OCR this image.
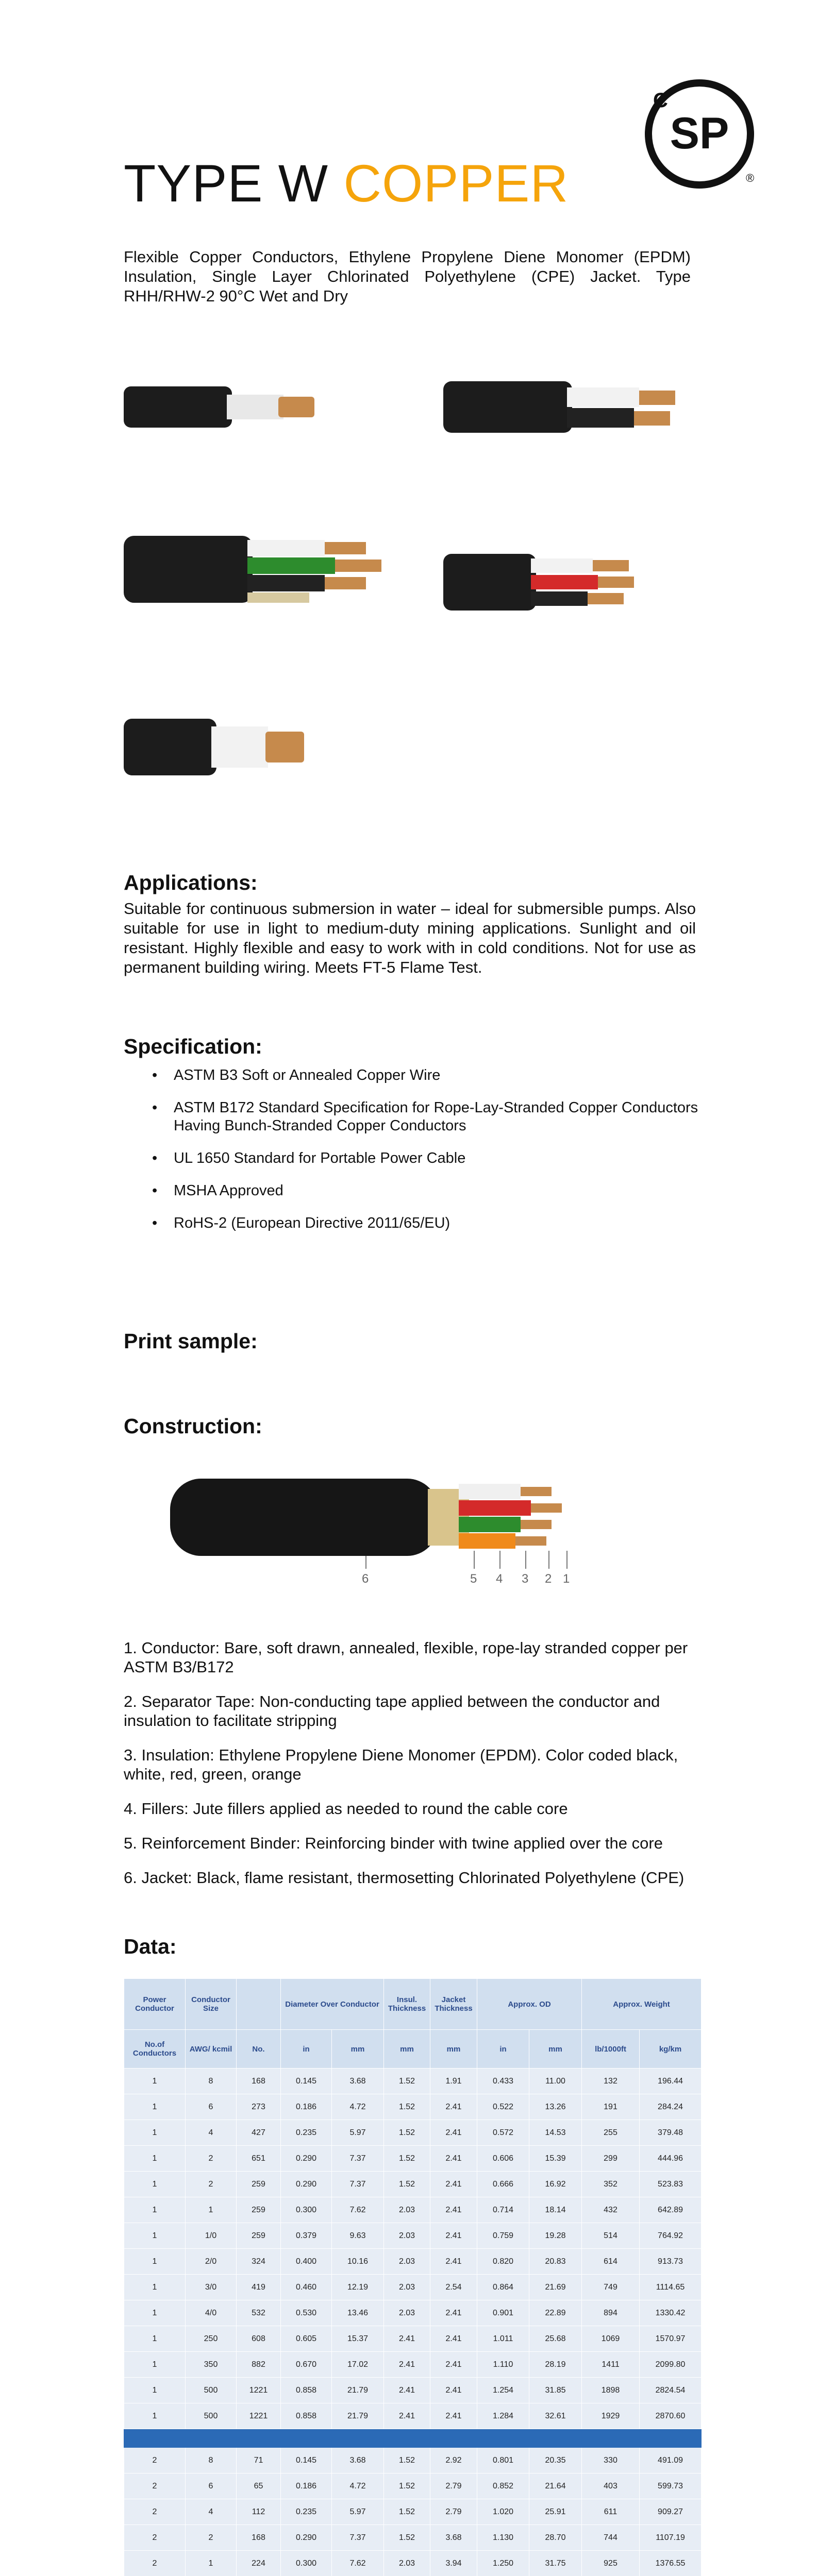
TYPE W COPPER
SP
®
C
Flexible Copper Conductors, Ethylene Propylene Diene Monomer (EPDM) Insulation, Single Layer Chlorinated Polyethylene (CPE) Jacket. Type RHH/RHW-2 90°C Wet and Dry
Applications:
Suitable for continuous submersion in water – ideal for submersible pumps. Also suitable for use in light to medium-duty mining applications. Sunlight and oil resistant. Highly flexible and easy to work with in cold conditions. Not for use as permanent building wiring. Meets FT-5 Flame Test.
Specification:
• ASTM B3 Soft or Annealed Copper Wire
• ASTM B172 Standard Specification for Rope-Lay-Stranded Copper Conductors Having Bunch-Stranded Copper Conductors
• UL 1650 Standard for Portable Power Cable
• MSHA Approved
• RoHS-2 (European Directive 2011/65/EU)
Print sample:
Construction:
6	5 4 3 2 1

1. Conductor: Bare, soft drawn, annealed, flexible, rope-lay stranded copper per ASTM B3/B172

2. Separator Tape: Non-conducting tape applied between the conductor and insulation to facilitate stripping

3. Insulation: Ethylene Propylene Diene Monomer (EPDM). Color coded black, white, red, green, orange

4. Fillers: Jute fillers applied as needed to round the cable core

5. Reinforcement Binder: Reinforcing binder with twine applied over the core

6. Jacket: Black, flame resistant, thermosetting Chlorinated Polyethylene (CPE)

Data:
Power Conductor	Conductor Size		Diameter Over Conductor		Insul. Thickness	Jacket Thickness	Approx. OD		Approx. Weight	
No.of Conductors	AWG/ kcmil	No.	in	mm	mm	mm	in	mm	lb/1000ft	kg/km
1	8	168	0.145	3.68	1.52	1.91	0.433	11.00	132	196.44
1	6	273	0.186	4.72	1.52	2.41	0.522	13.26	191	284.24
1	4	427	0.235	5.97	1.52	2.41	0.572	14.53	255	379.48
1	2	651	0.290	7.37	1.52	2.41	0.606	15.39	299	444.96
1	2	259	0.290	7.37	1.52	2.41	0.666	16.92	352	523.83
1	1	259	0.300	7.62	2.03	2.41	0.714	18.14	432	642.89
1	1/0	259	0.379	9.63	2.03	2.41	0.759	19.28	514	764.92
1	2/0	324	0.400	10.16	2.03	2.41	0.820	20.83	614	913.73
1	3/0	419	0.460	12.19	2.03	2.54	0.864	21.69	749	1114.65
1	4/0	532	0.530	13.46	2.03	2.41	0.901	22.89	894	1330.42
1	250	608	0.605	15.37	2.41	2.41	1.011	25.68	1069	1570.97
1	350	882	0.670	17.02	2.41	2.41	1.110	28.19	1411	2099.80
1	500	1221	0.858	21.79	2.41	2.41	1.254	31.85	1898	2824.54
1	500	1221	0.858	21.79	2.41	2.41	1.284	32.61	1929	2870.60

2	8	71	0.145	3.68	1.52	2.92	0.801	20.35	330	491.09
2	6	65	0.186	4.72	1.52	2.79	0.852	21.64	403	599.73
2	4	112	0.235	5.97	1.52	2.79	1.020	25.91	611	909.27
2	2	168	0.290	7.37	1.52	3.68	1.130	28.70	744	1107.19
2	1	224	0.300	7.62	2.03	3.94	1.250	31.75	925	1376.55
